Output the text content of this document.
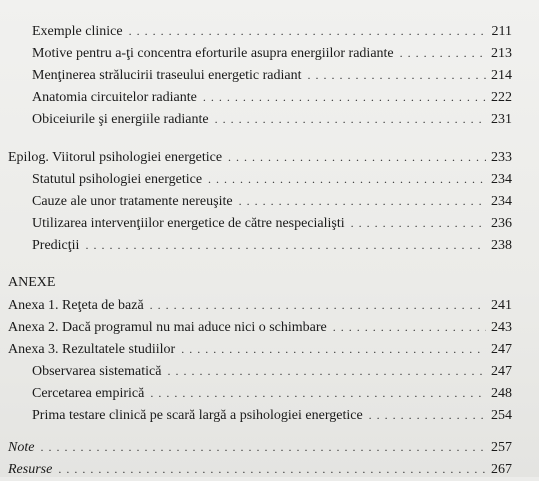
Exemple clinice . . .	211
Motive pentru a-ţi concentra eforturile asupra energiilor radiante . . .	213
Menţinerea strălucirii traseului energetic radiant . . .	214
Anatomia circuitelor radiante . . .	222
Obiceiurile şi energiile radiante . . .	231
Epilog. Viitorul psihologiei energetice . . .	233
Statutul psihologiei energetice . . .	234
Cauze ale unor tratamente nereuşite . . .	234
Utilizarea intervenţiilor energetice de către nespecialişti . . .	236
Predicţii . . .	238
ANEXE
Anexa 1. Reţeta de bază . . .	241
Anexa 2. Dacă programul nu mai aduce nici o schimbare . . .	243
Anexa 3. Rezultatele studiilor . . .	247
Observarea sistematică . . .	247
Cercetarea empirică . . .	248
Prima testare clinică pe scară largă a psihologiei energetice . . .	254
Note . . .	257
Resurse . . .	267
